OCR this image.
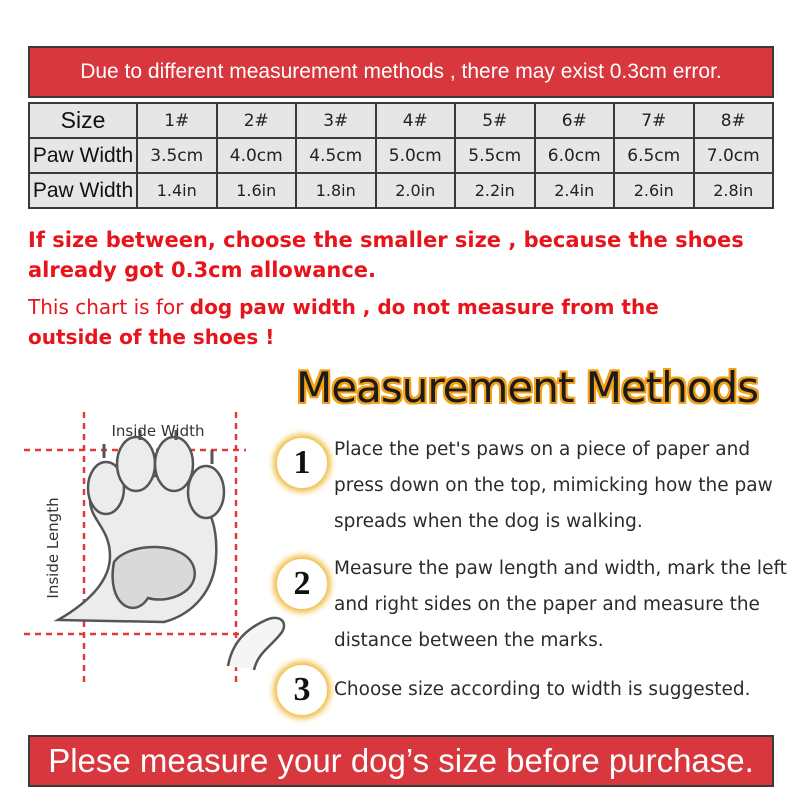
Due to different measurement methods , there may exist 0.3cm error.
Size	1#	2#	3#	4#	5#	6#	7#	8#
Paw Width	3.5cm	4.0cm	4.5cm	5.0cm	5.5cm	6.0cm	6.5cm	7.0cm
Paw Width	1.4in	1.6in	1.8in	2.0in	2.2in	2.4in	2.6in	2.8in

If size between, choose the smaller size , because the shoes already got 0.3cm allowance.

This chart is for dog paw width , do not measure from the outside of the shoes !

Measurement Methods
Inside Width
Inside Length
1	Place the pet's paws on a piece of paper and press down on the top, mimicking how the paw spreads when the dog is walking.

2	Measure the paw length and width, mark the left and right sides on the paper and measure the distance between the marks.

3	Choose size according to width is suggested.

Plese measure your dog’s size before purchase.
